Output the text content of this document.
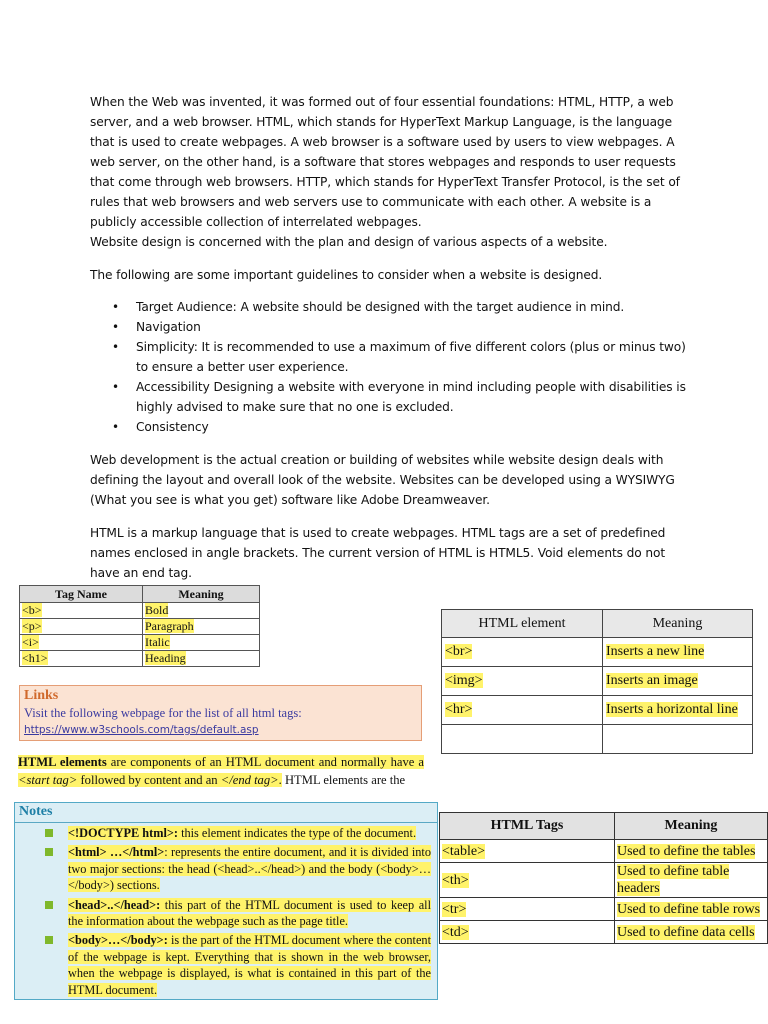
When the Web was invented, it was formed out of four essential foundations: HTML, HTTP, a web server, and a web browser. HTML, which stands for HyperText Markup Language, is the language that is used to create webpages. A web browser is a software used by users to view webpages. A web server, on the other hand, is a software that stores webpages and responds to user requests that come through web browsers. HTTP, which stands for HyperText Transfer Protocol, is the set of rules that web browsers and web servers use to communicate with each other. A website is a publicly accessible collection of interrelated webpages.

Website design is concerned with the plan and design of various aspects of a website.

The following are some important guidelines to consider when a website is designed.

• Target Audience: A website should be designed with the target audience in mind.
• Navigation
• Simplicity: It is recommended to use a maximum of five different colors (plus or minus two) to ensure a better user experience.
• Accessibility Designing a website with everyone in mind including people with disabilities is highly advised to make sure that no one is excluded.
• Consistency

Web development is the actual creation or building of websites while website design deals with defining the layout and overall look of the website. Websites can be developed using a WYSIWYG (What you see is what you get) software like Adobe Dreamweaver.

HTML is a markup language that is used to create webpages. HTML tags are a set of predefined names enclosed in angle brackets. The current version of HTML is HTML5. Void elements do not have an end tag.

Tag Name	Meaning
<b>	Bold
<p>	Paragraph
<i>	Italic
<h1>	Heading
HTML element	Meaning
<br>	Inserts a new line
<img>	Inserts an image
<hr>	Inserts a horizontal line

Links
Visit the following webpage for the list of all html tags:
https://www.w3schools.com/tags/default.asp
HTML elements are components of an HTML document and normally have a <start tag> followed by content and an </end tag>. HTML elements are the
Notes
<!DOCTYPE html>: this element indicates the type of the document.
<html> …</html>: represents the entire document, and it is divided into two major sections: the head (<head>..</head>) and the body (<body>…</body>) sections.
<head>..</head>: this part of the HTML document is used to keep all the information about the webpage such as the page title.
<body>…</body>: is the part of the HTML document where the content of the webpage is kept. Everything that is shown in the web browser, when the webpage is displayed, is what is contained in this part of the HTML document.
HTML Tags	Meaning
<table>	Used to define the tables
<th>	Used to define table headers
<tr>	Used to define table rows
<td>	Used to define data cells
